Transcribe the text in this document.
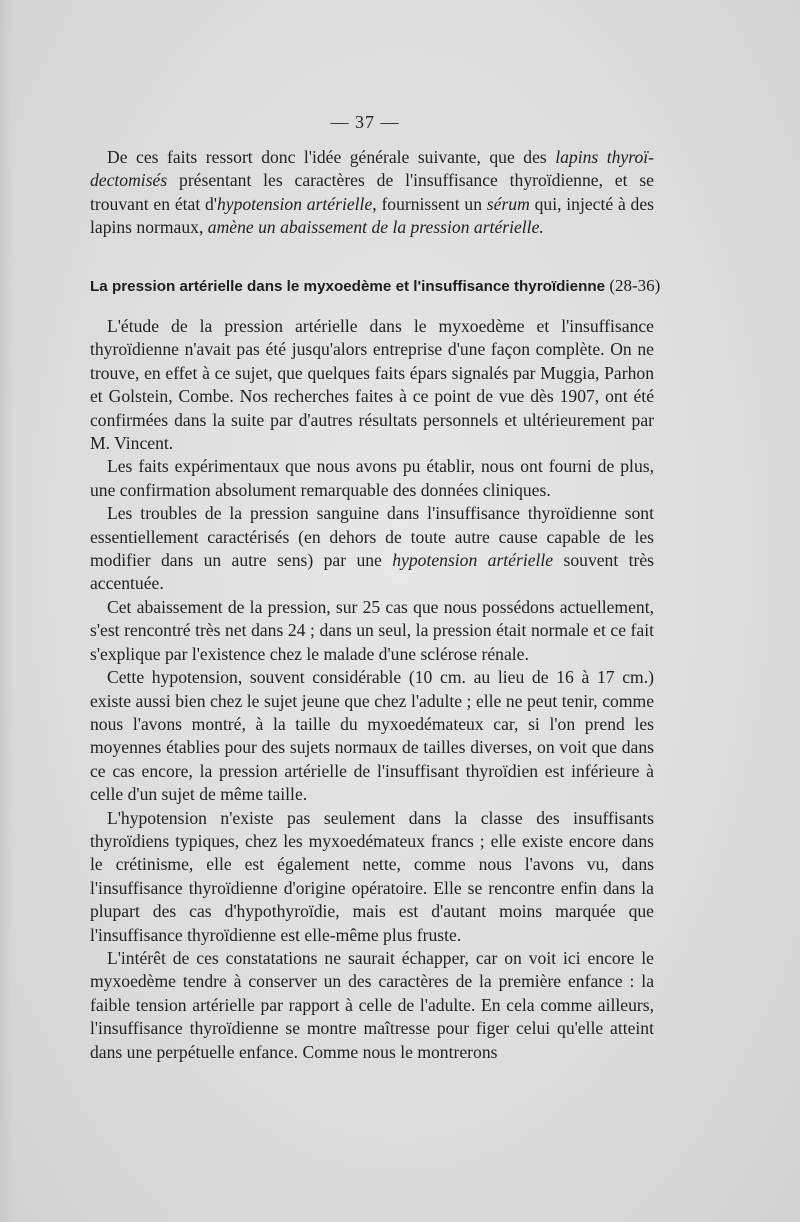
— 37 —

De ces faits ressort donc l'idée générale suivante, que des lapins thyroïdectomisés présentant les caractères de l'insuffisance thyroïdienne, et se trouvant en état d'hypotension artérielle, fournissent un sérum qui, injecté à des lapins normaux, amène un abaissement de la pression artérielle.

La pression artérielle dans le myxoedème et l'insuffisance thyroïdienne (28-36)

L'étude de la pression artérielle dans le myxoedème et l'insuffisance thyroïdienne n'avait pas été jusqu'alors entreprise d'une façon complète. On ne trouve, en effet à ce sujet, que quelques faits épars signalés par Muggia, Parhon et Golstein, Combe. Nos recherches faites à ce point de vue dès 1907, ont été confirmées dans la suite par d'autres résultats personnels et ultérieurement par M. Vincent.

Les faits expérimentaux que nous avons pu établir, nous ont fourni de plus, une confirmation absolument remarquable des données cliniques.

Les troubles de la pression sanguine dans l'insuffisance thyroïdienne sont essentiellement caractérisés (en dehors de toute autre cause capable de les modifier dans un autre sens) par une hypotension artérielle souvent très accentuée.

Cet abaissement de la pression, sur 25 cas que nous possédons actuellement, s'est rencontré très net dans 24 ; dans un seul, la pression était normale et ce fait s'explique par l'existence chez le malade d'une sclérose rénale.

Cette hypotension, souvent considérable (10 cm. au lieu de 16 à 17 cm.) existe aussi bien chez le sujet jeune que chez l'adulte ; elle ne peut tenir, comme nous l'avons montré, à la taille du myxoedémateux car, si l'on prend les moyennes établies pour des sujets normaux de tailles diverses, on voit que dans ce cas encore, la pression artérielle de l'insuffisant thyroïdien est inférieure à celle d'un sujet de même taille.

L'hypotension n'existe pas seulement dans la classe des insuffisants thyroïdiens typiques, chez les myxoedémateux francs ; elle existe encore dans le crétinisme, elle est également nette, comme nous l'avons vu, dans l'insuffisance thyroïdienne d'origine opératoire. Elle se rencontre enfin dans la plupart des cas d'hypothyroïdie, mais est d'autant moins marquée que l'insuffisance thyroïdienne est elle-même plus fruste.

L'intérêt de ces constatations ne saurait échapper, car on voit ici encore le myxoedème tendre à conserver un des caractères de la première enfance : la faible tension artérielle par rapport à celle de l'adulte. En cela comme ailleurs, l'insuffisance thyroïdienne se montre maîtresse pour figer celui qu'elle atteint dans une perpétuelle enfance. Comme nous le montrerons
